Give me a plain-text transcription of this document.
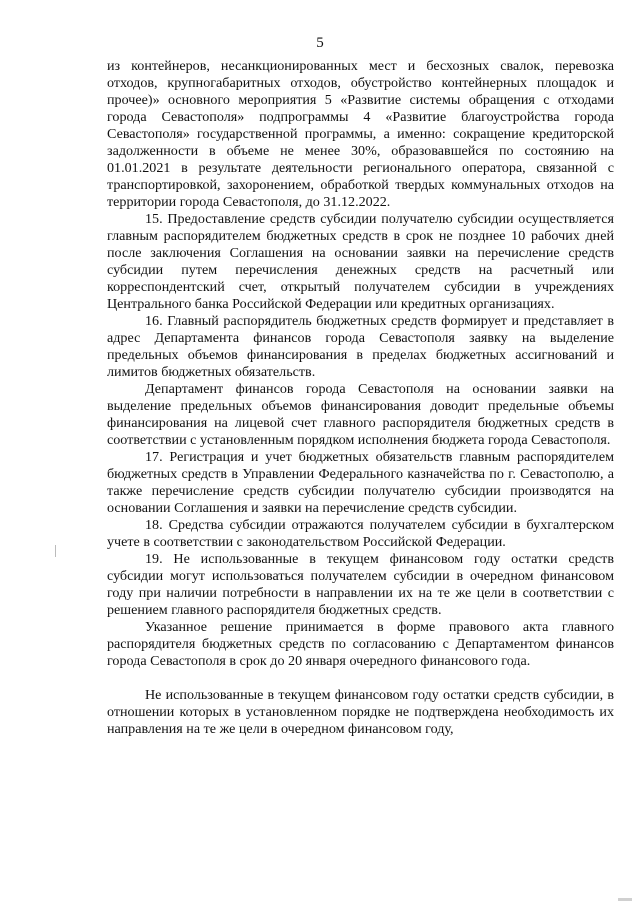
5

из контейнеров, несанкционированных мест и бесхозных свалок, перевозка отходов, крупногабаритных отходов, обустройство контейнерных площадок и прочее)» основного мероприятия 5 «Развитие системы обращения с отходами города Севастополя» подпрограммы 4 «Развитие благоустройства города Севастополя» государственной программы, а именно: сокращение кредиторской задолженности в объеме не менее 30%, образовавшейся по состоянию на 01.01.2021 в результате деятельности регионального оператора, связанной с транспортировкой, захоронением, обработкой твердых коммунальных отходов на территории города Севастополя, до 31.12.2022.

15. Предоставление средств субсидии получателю субсидии осуществляется главным распорядителем бюджетных средств в срок не позднее 10 рабочих дней после заключения Соглашения на основании заявки на перечисление средств субсидии путем перечисления денежных средств на расчетный или корреспондентский счет, открытый получателем субсидии в учреждениях Центрального банка Российской Федерации или кредитных организациях.

16. Главный распорядитель бюджетных средств формирует и представляет в адрес Департамента финансов города Севастополя заявку на выделение предельных объемов финансирования в пределах бюджетных ассигнований и лимитов бюджетных обязательств.

Департамент финансов города Севастополя на основании заявки на выделение предельных объемов финансирования доводит предельные объемы финансирования на лицевой счет главного распорядителя бюджетных средств в соответствии с установленным порядком исполнения бюджета города Севастополя.

17. Регистрация и учет бюджетных обязательств главным распорядителем бюджетных средств в Управлении Федерального казначейства по г. Севастополю, а также перечисление средств субсидии получателю субсидии производятся на основании Соглашения и заявки на перечисление средств субсидии.

18. Средства субсидии отражаются получателем субсидии в бухгалтерском учете в соответствии с законодательством Российской Федерации.

19. Не использованные в текущем финансовом году остатки средств субсидии могут использоваться получателем субсидии в очередном финансовом году при наличии потребности в направлении их на те же цели в соответствии с решением главного распорядителя бюджетных средств.

Указанное решение принимается в форме правового акта главного распорядителя бюджетных средств по согласованию с Департаментом финансов города Севастополя в срок до 20 января очередного финансового года.

Не использованные в текущем финансовом году остатки средств субсидии, в отношении которых в установленном порядке не подтверждена необходимость их направления на те же цели в очередном финансовом году,
